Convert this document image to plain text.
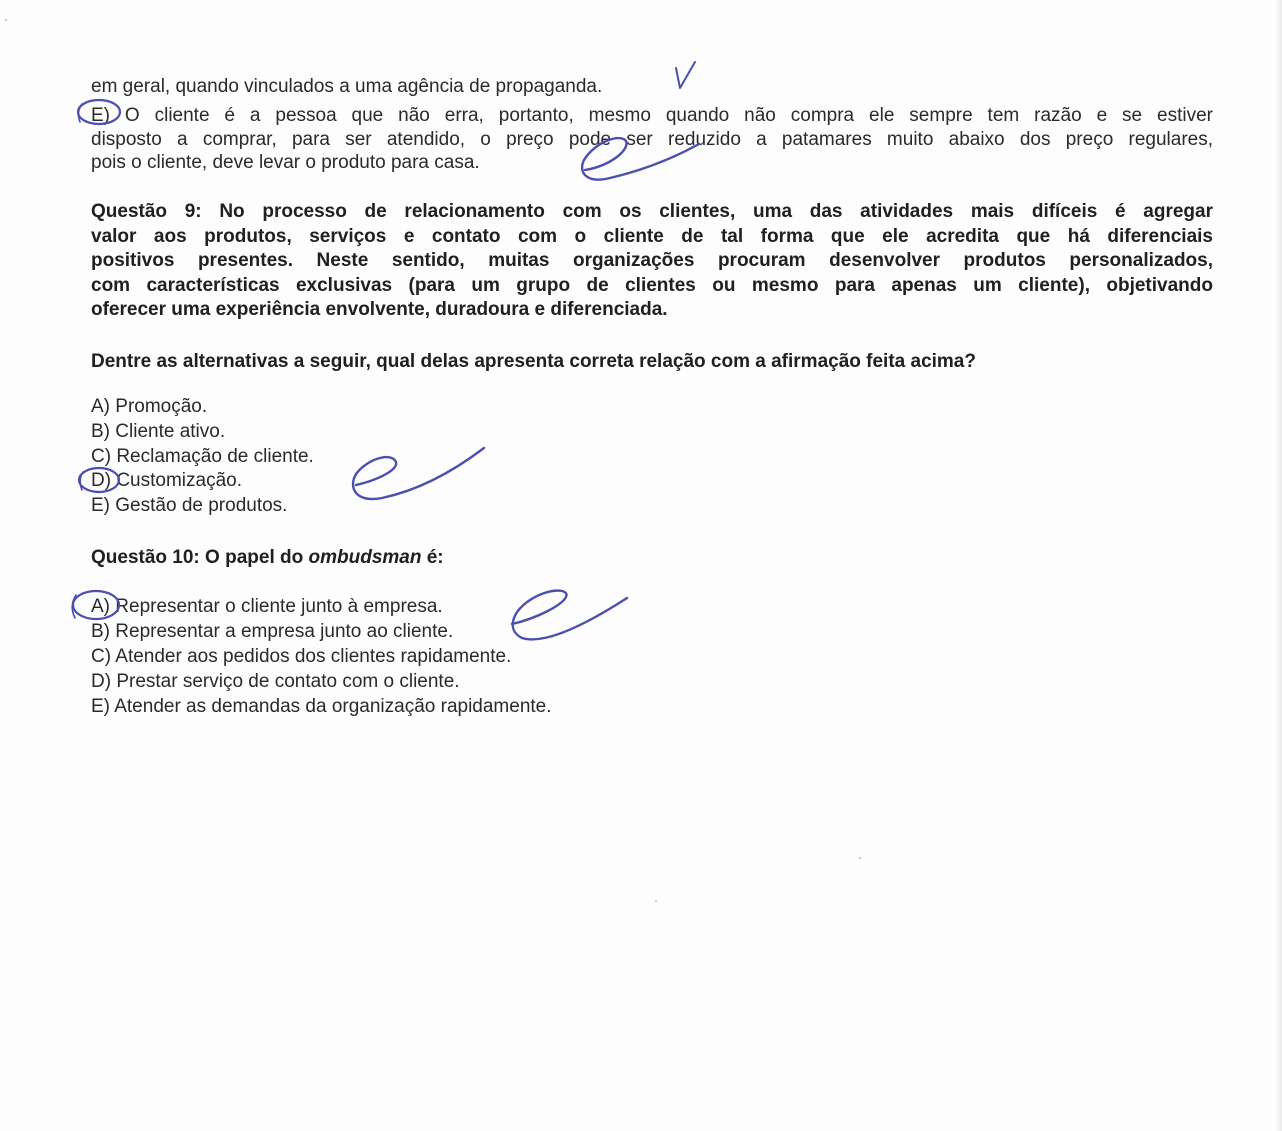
em geral, quando vinculados a uma agência de propaganda.

E) O cliente é a pessoa que não erra, portanto, mesmo quando não compra ele sempre tem razão e se estiver

disposto a comprar, para ser atendido, o preço pode ser reduzido a patamares muito abaixo dos preço regulares,

pois o cliente, deve levar o produto para casa.

Questão 9: No processo de relacionamento com os clientes, uma das atividades mais difíceis é agregar
valor aos produtos, serviços e contato com o cliente de tal forma que ele acredita que há diferenciais
positivos presentes. Neste sentido, muitas organizações procuram desenvolver produtos personalizados,
com características exclusivas (para um grupo de clientes ou mesmo para apenas um cliente), objetivando
oferecer uma experiência envolvente, duradoura e diferenciada.

Dentre as alternativas a seguir, qual delas apresenta correta relação com a afirmação feita acima?

A) Promoção.

B) Cliente ativo.

C) Reclamação de cliente.

D) Customização.

E) Gestão de produtos.

Questão 10: O papel do ombudsman é:

A) Representar o cliente junto à empresa.

B) Representar a empresa junto ao cliente.

C) Atender aos pedidos dos clientes rapidamente.

D) Prestar serviço de contato com o cliente.

E) Atender as demandas da organização rapidamente.
